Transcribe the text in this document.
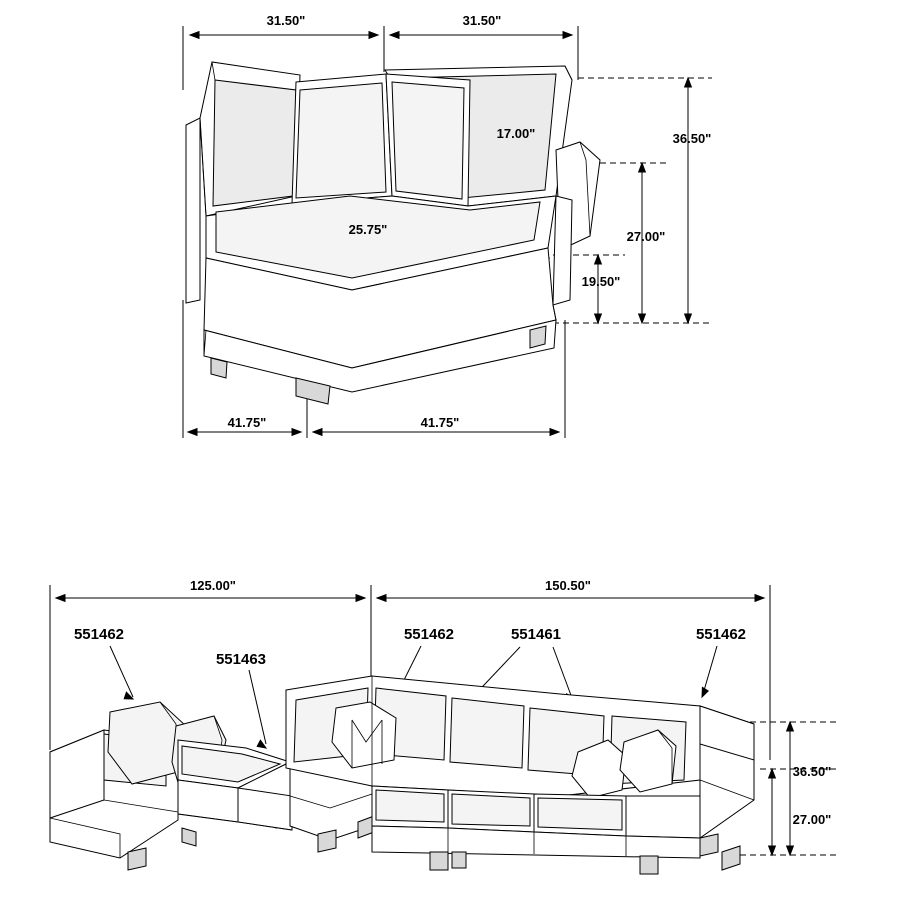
31.50"	31.50"
17.00"	36.50"
25.75"	27.00"
19.50"
41.75"	41.75"
125.00"	150.50"
36.50"
27.00"
551462
551463
551462	551461	551462
